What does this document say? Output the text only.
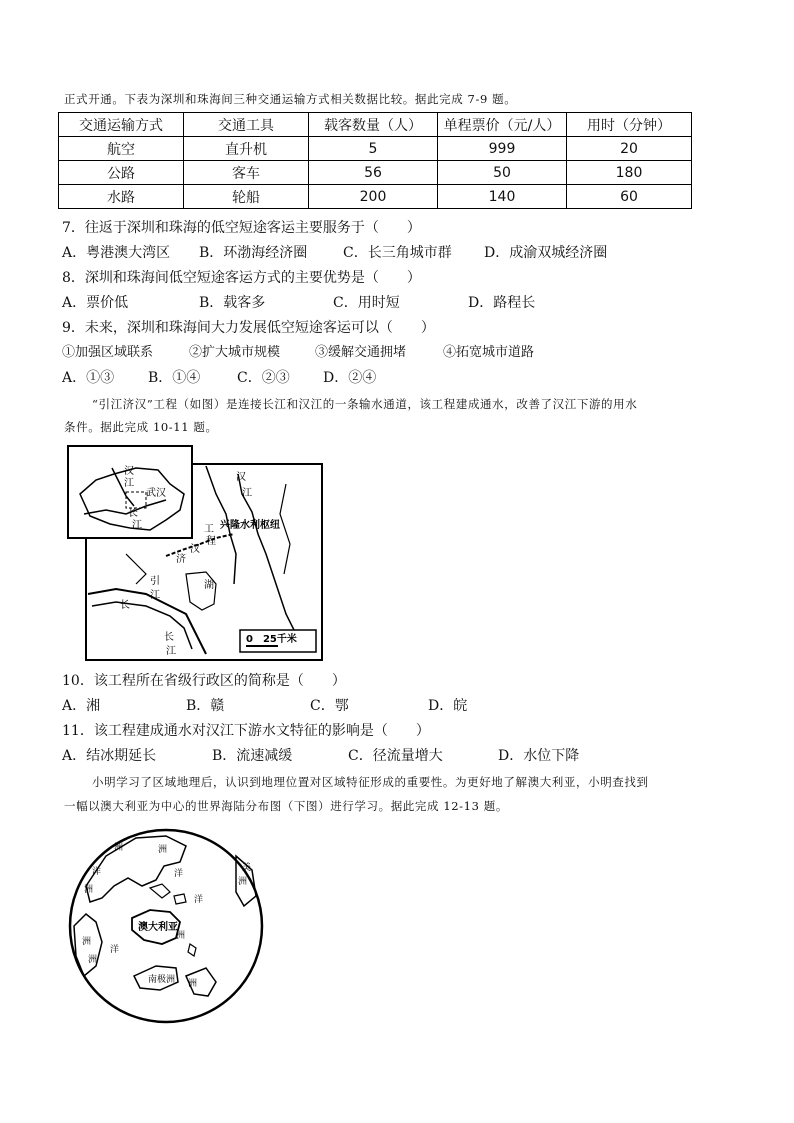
正式开通。下表为深圳和珠海间三种交通运输方式相关数据比较。据此完成 7-9 题。
交通运输方式	交通工具	载客数量（人）	单程票价（元/人）	用时（分钟）
航空	直升机	5	999	20
公路	客车	56	50	180
水路	轮船	200	140	60
7．往返于深圳和珠海的低空短途客运主要服务于（　　）
A．粤港澳大湾区 B．环渤海经济圈	C．长三角城市群 D．成渝双城经济圈
8．深圳和珠海间低空短途客运方式的主要优势是（　　）
A．票价低	B．载客多	C．用时短	D．路程长
9．未来，深圳和珠海间大力发展低空短途客运可以（　　）
①加强区域联系	②扩大城市规模	③缓解交通拥堵	④拓宽城市道路
A．①③ B．①④	C．②③ D．②④
“引江济汉”工程（如图）是连接长江和汉江的一条输水通道，该工程建成通水，改善了汉江下游的用水
条件。据此完成 10-11 题。
汉
江
武汉
长
江	兴隆水利枢纽
汉
江
工
程
引
江
济
汉
长
湖
长
江
0　25千米
10．该工程所在省级行政区的简称是（　　）
A．湘	B．赣	C．鄂	D．皖
11．该工程建成通水对汉江下游水文特征的影响是（　　）
A．结冰期延长	B．流速减缓	C．径流量增大	D．水位下降
小明学习了区域地理后，认识到地理位置对区域特征形成的重要性。为更好地了解澳大利亚，小明查找到
一幅以澳大利亚为中心的世界海陆分布图（下图）进行学习。据此完成 12-13 题。
洲	洲
洋
洲
洋
洋
澳大利亚
洲
洋
洲
洲
南极洲 洲
洲
美
